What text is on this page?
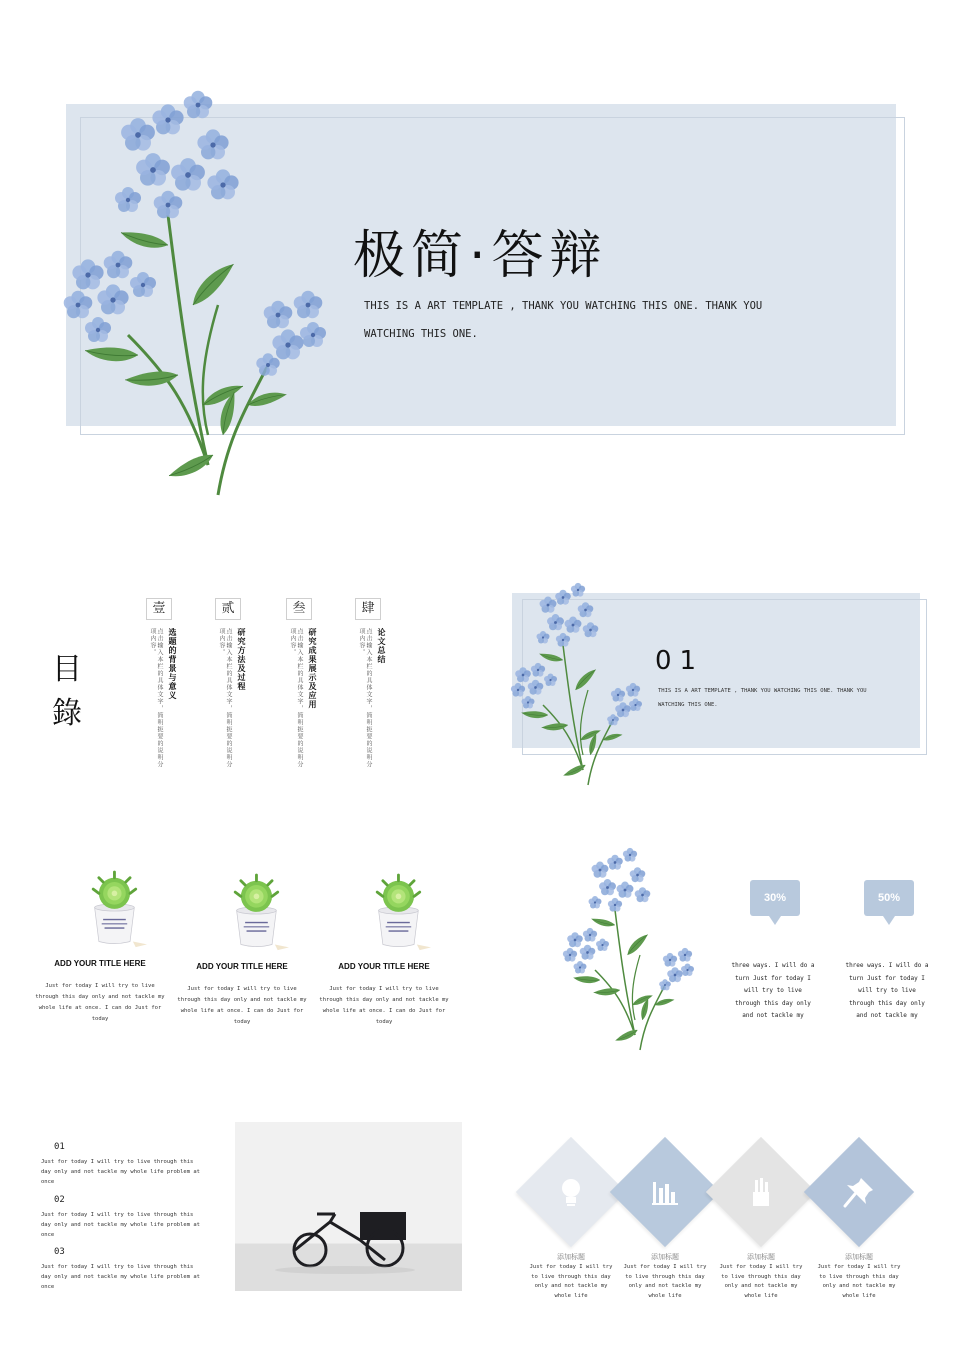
极简·答辩
THIS IS A ART TEMPLATE , THANK YOU WATCHING THIS ONE. THANK YOU WATCHING THIS ONE.
目錄
壹
选题的背景与意义
点击输入本栏的具体文字，简明扼要的说明分项内容。
贰
研究方法及过程
点击输入本栏的具体文字，简明扼要的说明分项内容。
叁
研究成果展示及应用
点击输入本栏的具体文字，简明扼要的说明分项内容。
肆
论文总结
点击输入本栏的具体文字，简明扼要的说明分项内容。
01
THIS IS A ART TEMPLATE , THANK YOU WATCHING THIS ONE. THANK YOU WATCHING THIS ONE.
ADD YOUR TITLE HERE
Just for today I will try to live through this day only and not tackle my whole life at once. I can do Just for today
ADD YOUR TITLE HERE
Just for today I will try to live through this day only and not tackle my whole life at once. I can do Just for today
ADD YOUR TITLE HERE
Just for today I will try to live through this day only and not tackle my whole life at once. I can do Just for today
30%
three ways. I will do a turn Just for today I will try to live through this day only and not tackle my
50%
three ways. I will do a turn Just for today I will try to live through this day only and not tackle my
01
Just for today I will try to live through this day only and not tackle my whole life problem at once
02
Just for today I will try to live through this day only and not tackle my whole life problem at once
03
Just for today I will try to live through this day only and not tackle my whole life problem at once
添加标题
Just for today I will try to live through this day only and not tackle my whole life
添加标题
Just for today I will try to live through this day only and not tackle my whole life
添加标题
Just for today I will try to live through this day only and not tackle my whole life
添加标题
Just for today I will try to live through this day only and not tackle my whole life
